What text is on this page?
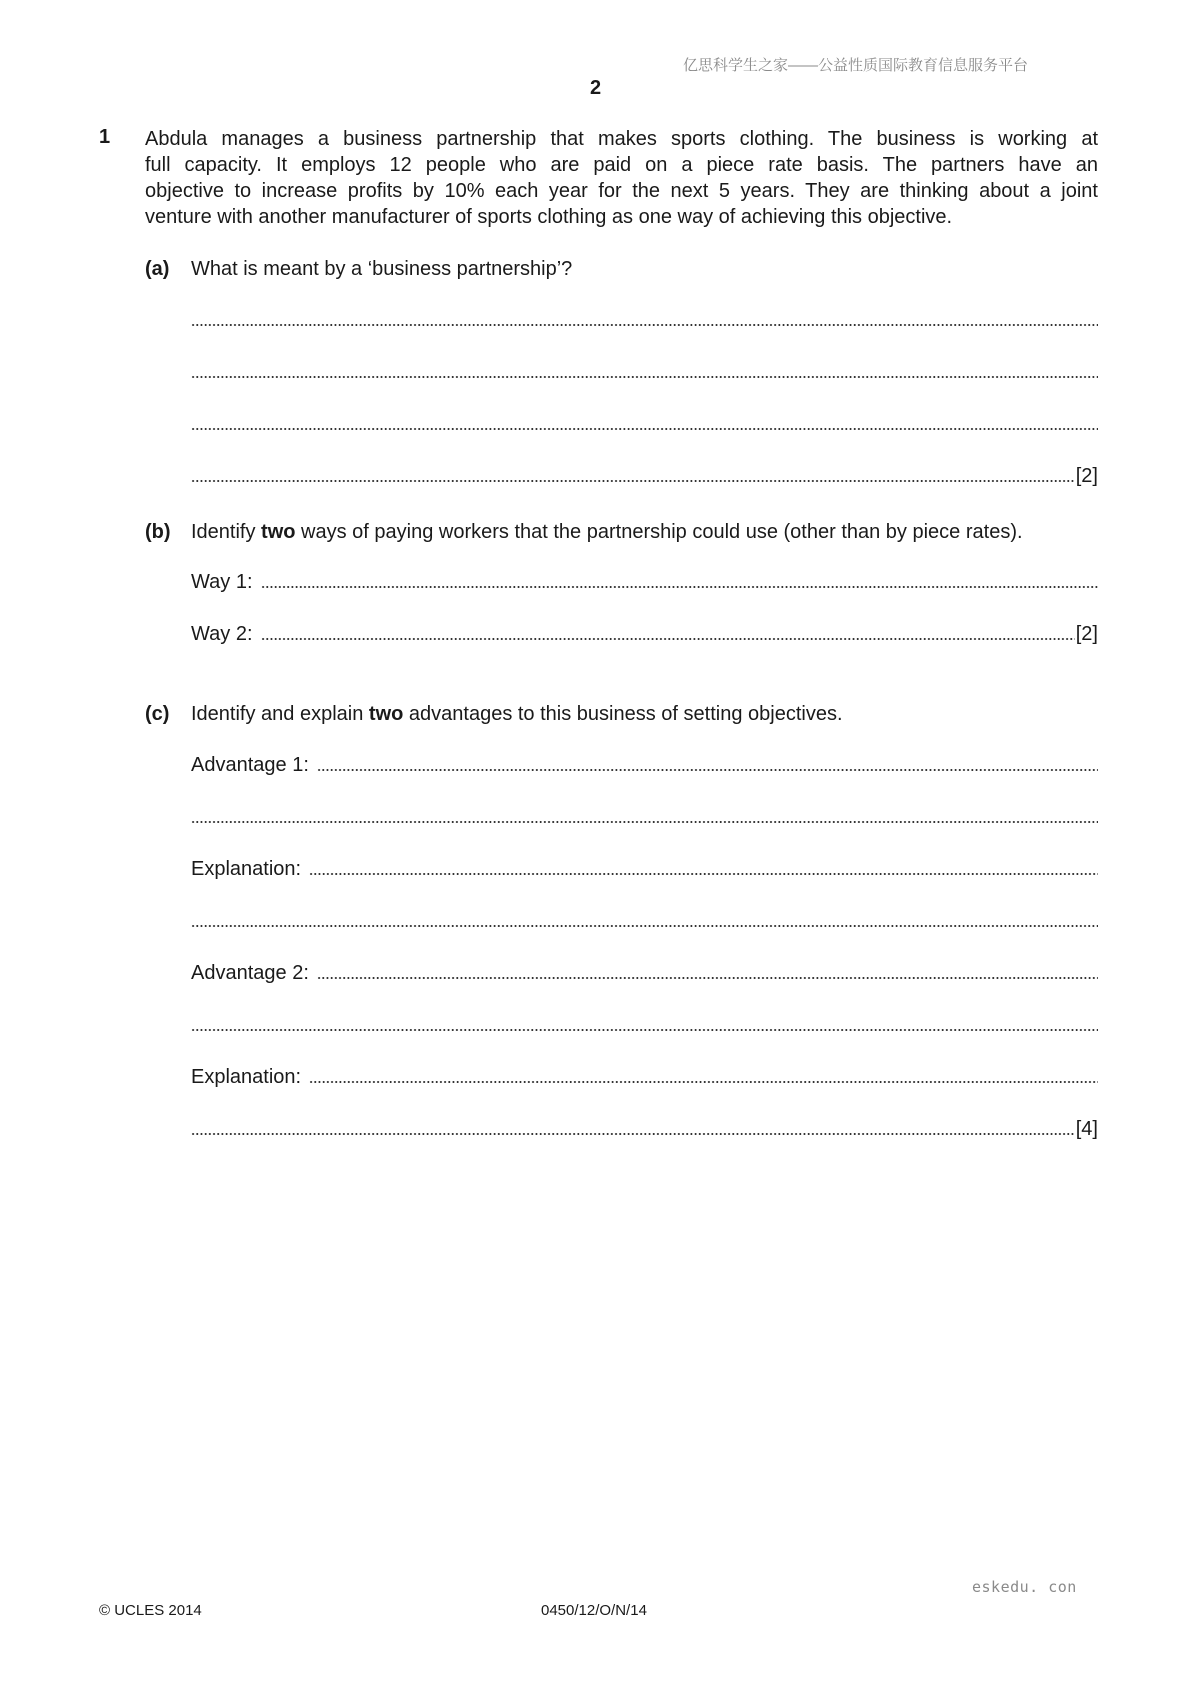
亿思科学生之家——公益性质国际教育信息服务平台
2
1 Abdula manages a business partnership that makes sports clothing. The business is working at
full capacity. It employs 12 people who are paid on a piece rate basis. The partners have an
objective to increase profits by 10% each year for the next 5 years. They are thinking about a joint
venture with another manufacturer of sports clothing as one way of achieving this objective.
(a) What is meant by a ‘business partnership’?
[2]
(b) Identify two ways of paying workers that the partnership could use (other than by piece rates).
Way 1:
Way 2:	[2]
(c) Identify and explain two advantages to this business of setting objectives.
Advantage 1:
Explanation:
Advantage 2:
Explanation:
[4]
eskedu. con
© UCLES 2014	0450/12/O/N/14
